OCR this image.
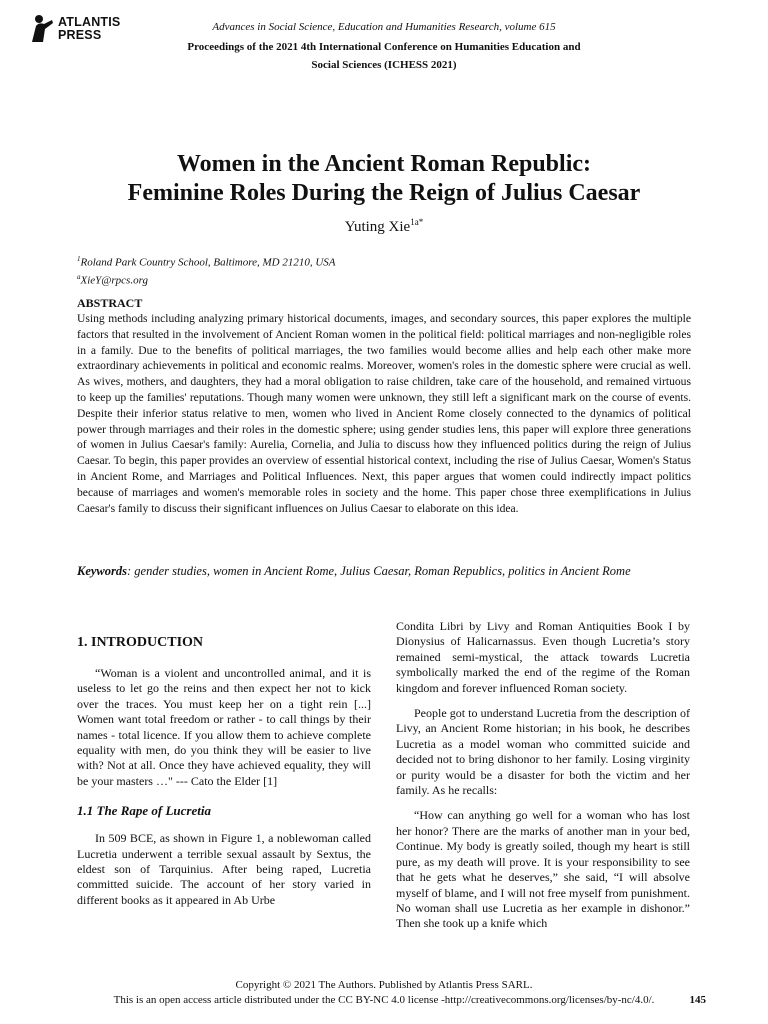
ATLANTIS
PRESS
Advances in Social Science, Education and Humanities Research, volume 615
Proceedings of the 2021 4th International Conference on Humanities Education and
Social Sciences (ICHESS 2021)
Women in the Ancient Roman Republic:
Feminine Roles During the Reign of Julius Caesar
Yuting Xie$^{1a*}$
$^1$Roland Park Country School, Baltimore, MD 21210, USA
$^a$XieY@rpcs.org
ABSTRACT

Using methods including analyzing primary historical documents, images, and secondary sources, this paper explores the multiple factors that resulted in the involvement of Ancient Roman women in the political field: political marriages and non-negligible roles in a family. Due to the benefits of political marriages, the two families would become allies and help each other make more extraordinary achievements in political and economic realms. Moreover, women's roles in the domestic sphere were crucial as well. As wives, mothers, and daughters, they had a moral obligation to raise children, take care of the household, and remained virtuous to keep up the families' reputations. Though many women were unknown, they still left a significant mark on the course of events. Despite their inferior status relative to men, women who lived in Ancient Rome closely connected to the dynamics of political power through marriages and their roles in the domestic sphere; using gender studies lens, this paper will explore three generations of women in Julius Caesar's family: Aurelia, Cornelia, and Julia to discuss how they influenced politics during the reign of Julius Caesar. To begin, this paper provides an overview of essential historical context, including the rise of Julius Caesar, Women's Status in Ancient Rome, and Marriages and Political Influences. Next, this paper argues that women could indirectly impact politics because of marriages and women's memorable roles in society and the home. This paper chose three exemplifications in Julius Caesar's family to discuss their significant influences on Julius Caesar to elaborate on this idea.

Keywords: gender studies, women in Ancient Rome, Julius Caesar, Roman Republics, politics in Ancient Rome
1. INTRODUCTION

“Woman is a violent and uncontrolled animal, and it is useless to let go the reins and then expect her not to kick over the traces. You must keep her on a tight rein [...] Women want total freedom or rather - to call things by their names - total licence. If you allow them to achieve complete equality with men, do you think they will be easier to live with? Not at all. Once they have achieved equality, they will be your masters …" --- Cato the Elder [1]

1.1 The Rape of Lucretia

In 509 BCE, as shown in Figure 1, a noblewoman called Lucretia underwent a terrible sexual assault by Sextus, the eldest son of Tarquinius. After being raped, Lucretia committed suicide. The account of her story varied in different books as it appeared in Ab Urbe

Condita Libri by Livy and Roman Antiquities Book I by Dionysius of Halicarnassus. Even though Lucretia’s story remained semi-mystical, the attack towards Lucretia symbolically marked the end of the regime of the Roman kingdom and forever influenced Roman society.

People got to understand Lucretia from the description of Livy, an Ancient Rome historian; in his book, he describes Lucretia as a model woman who committed suicide and decided not to bring dishonor to her family. Losing virginity or purity would be a disaster for both the victim and her family. As he recalls:

“How can anything go well for a woman who has lost her honor? There are the marks of another man in your bed, Continue. My body is greatly soiled, though my heart is still pure, as my death will prove. It is your responsibility to see that he gets what he deserves,” she said, “I will absolve myself of blame, and I will not free myself from punishment. No woman shall use Lucretia as her example in dishonor.” Then she took up a knife which

Copyright © 2021 The Authors. Published by Atlantis Press SARL.
This is an open access article distributed under the CC BY-NC 4.0 license -http://creativecommons.org/licenses/by-nc/4.0/.	145
